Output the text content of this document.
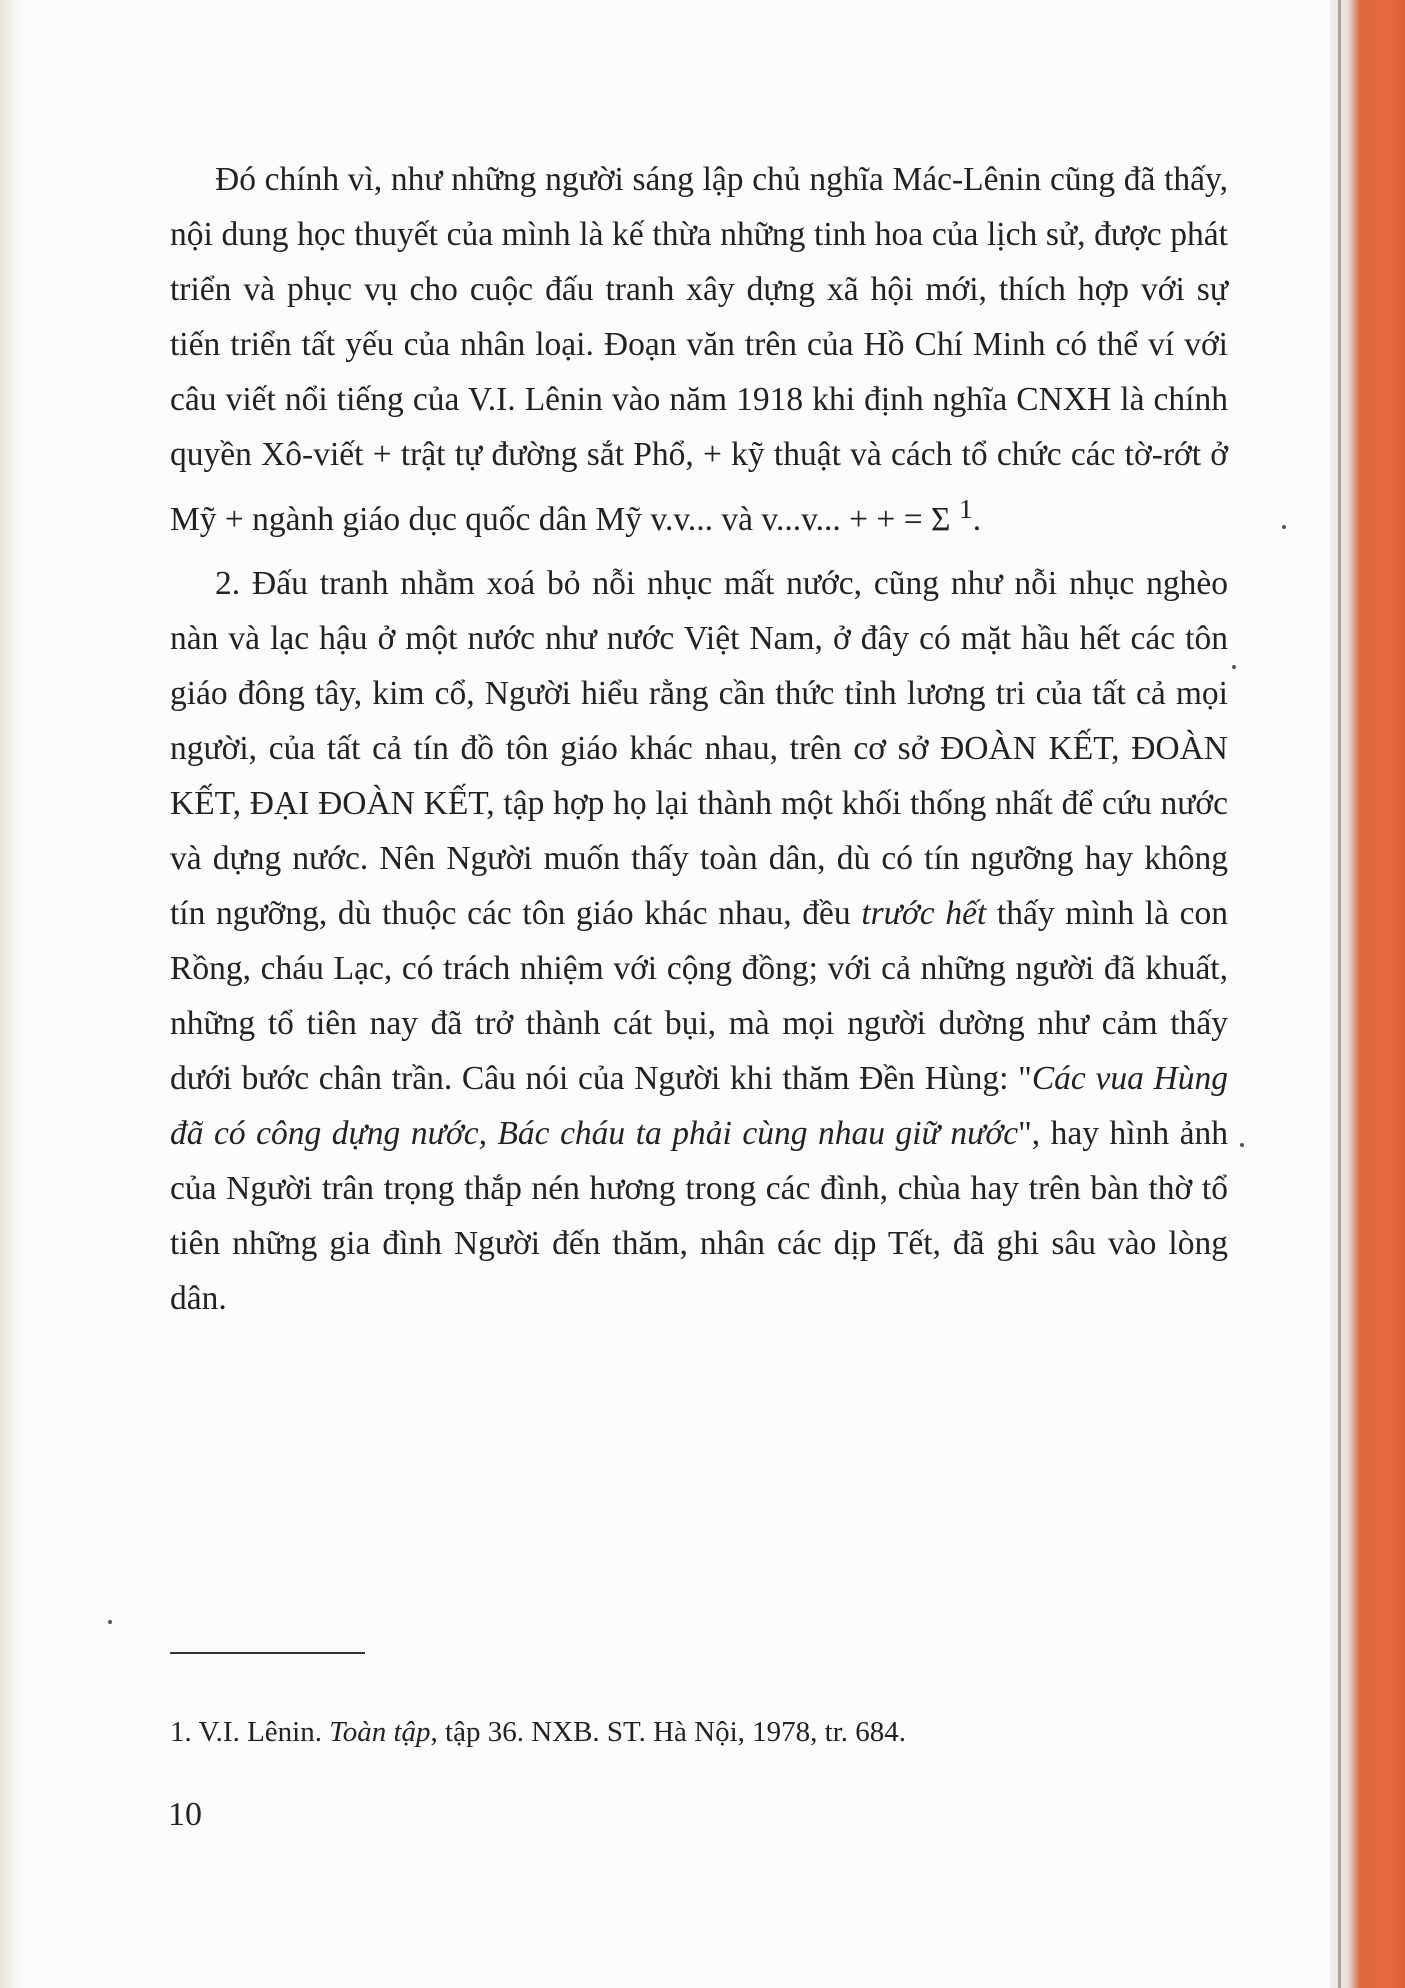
Đó chính vì, như những người sáng lập chủ nghĩa Mác-Lênin cũng đã thấy, nội dung học thuyết của mình là kế thừa những tinh hoa của lịch sử, được phát triển và phục vụ cho cuộc đấu tranh xây dựng xã hội mới, thích hợp với sự tiến triển tất yếu của nhân loại. Đoạn văn trên của Hồ Chí Minh có thể ví với câu viết nổi tiếng của V.I. Lênin vào năm 1918 khi định nghĩa CNXH là chính quyền Xô-viết + trật tự đường sắt Phổ, + kỹ thuật và cách tổ chức các tờ-rớt ở Mỹ + ngành giáo dục quốc dân Mỹ v.v... và v...v... + + = Σ $^1$.

2. Đấu tranh nhằm xoá bỏ nỗi nhục mất nước, cũng như nỗi nhục nghèo nàn và lạc hậu ở một nước như nước Việt Nam, ở đây có mặt hầu hết các tôn giáo đông tây, kim cổ, Người hiểu rằng cần thức tỉnh lương tri của tất cả mọi người, của tất cả tín đồ tôn giáo khác nhau, trên cơ sở ĐOÀN KẾT, ĐOÀN KẾT, ĐẠI ĐOÀN KẾT, tập hợp họ lại thành một khối thống nhất để cứu nước và dựng nước. Nên Người muốn thấy toàn dân, dù có tín ngưỡng hay không tín ngưỡng, dù thuộc các tôn giáo khác nhau, đều trước hết thấy mình là con Rồng, cháu Lạc, có trách nhiệm với cộng đồng; với cả những người đã khuất, những tổ tiên nay đã trở thành cát bụi, mà mọi người dường như cảm thấy dưới bước chân trần. Câu nói của Người khi thăm Đền Hùng: "Các vua Hùng đã có công dựng nước, Bác cháu ta phải cùng nhau giữ nước", hay hình ảnh của Người trân trọng thắp nén hương trong các đình, chùa hay trên bàn thờ tổ tiên những gia đình Người đến thăm, nhân các dịp Tết, đã ghi sâu vào lòng dân.

1. V.I. Lênin. Toàn tập, tập 36. NXB. ST. Hà Nội, 1978, tr. 684.

10
